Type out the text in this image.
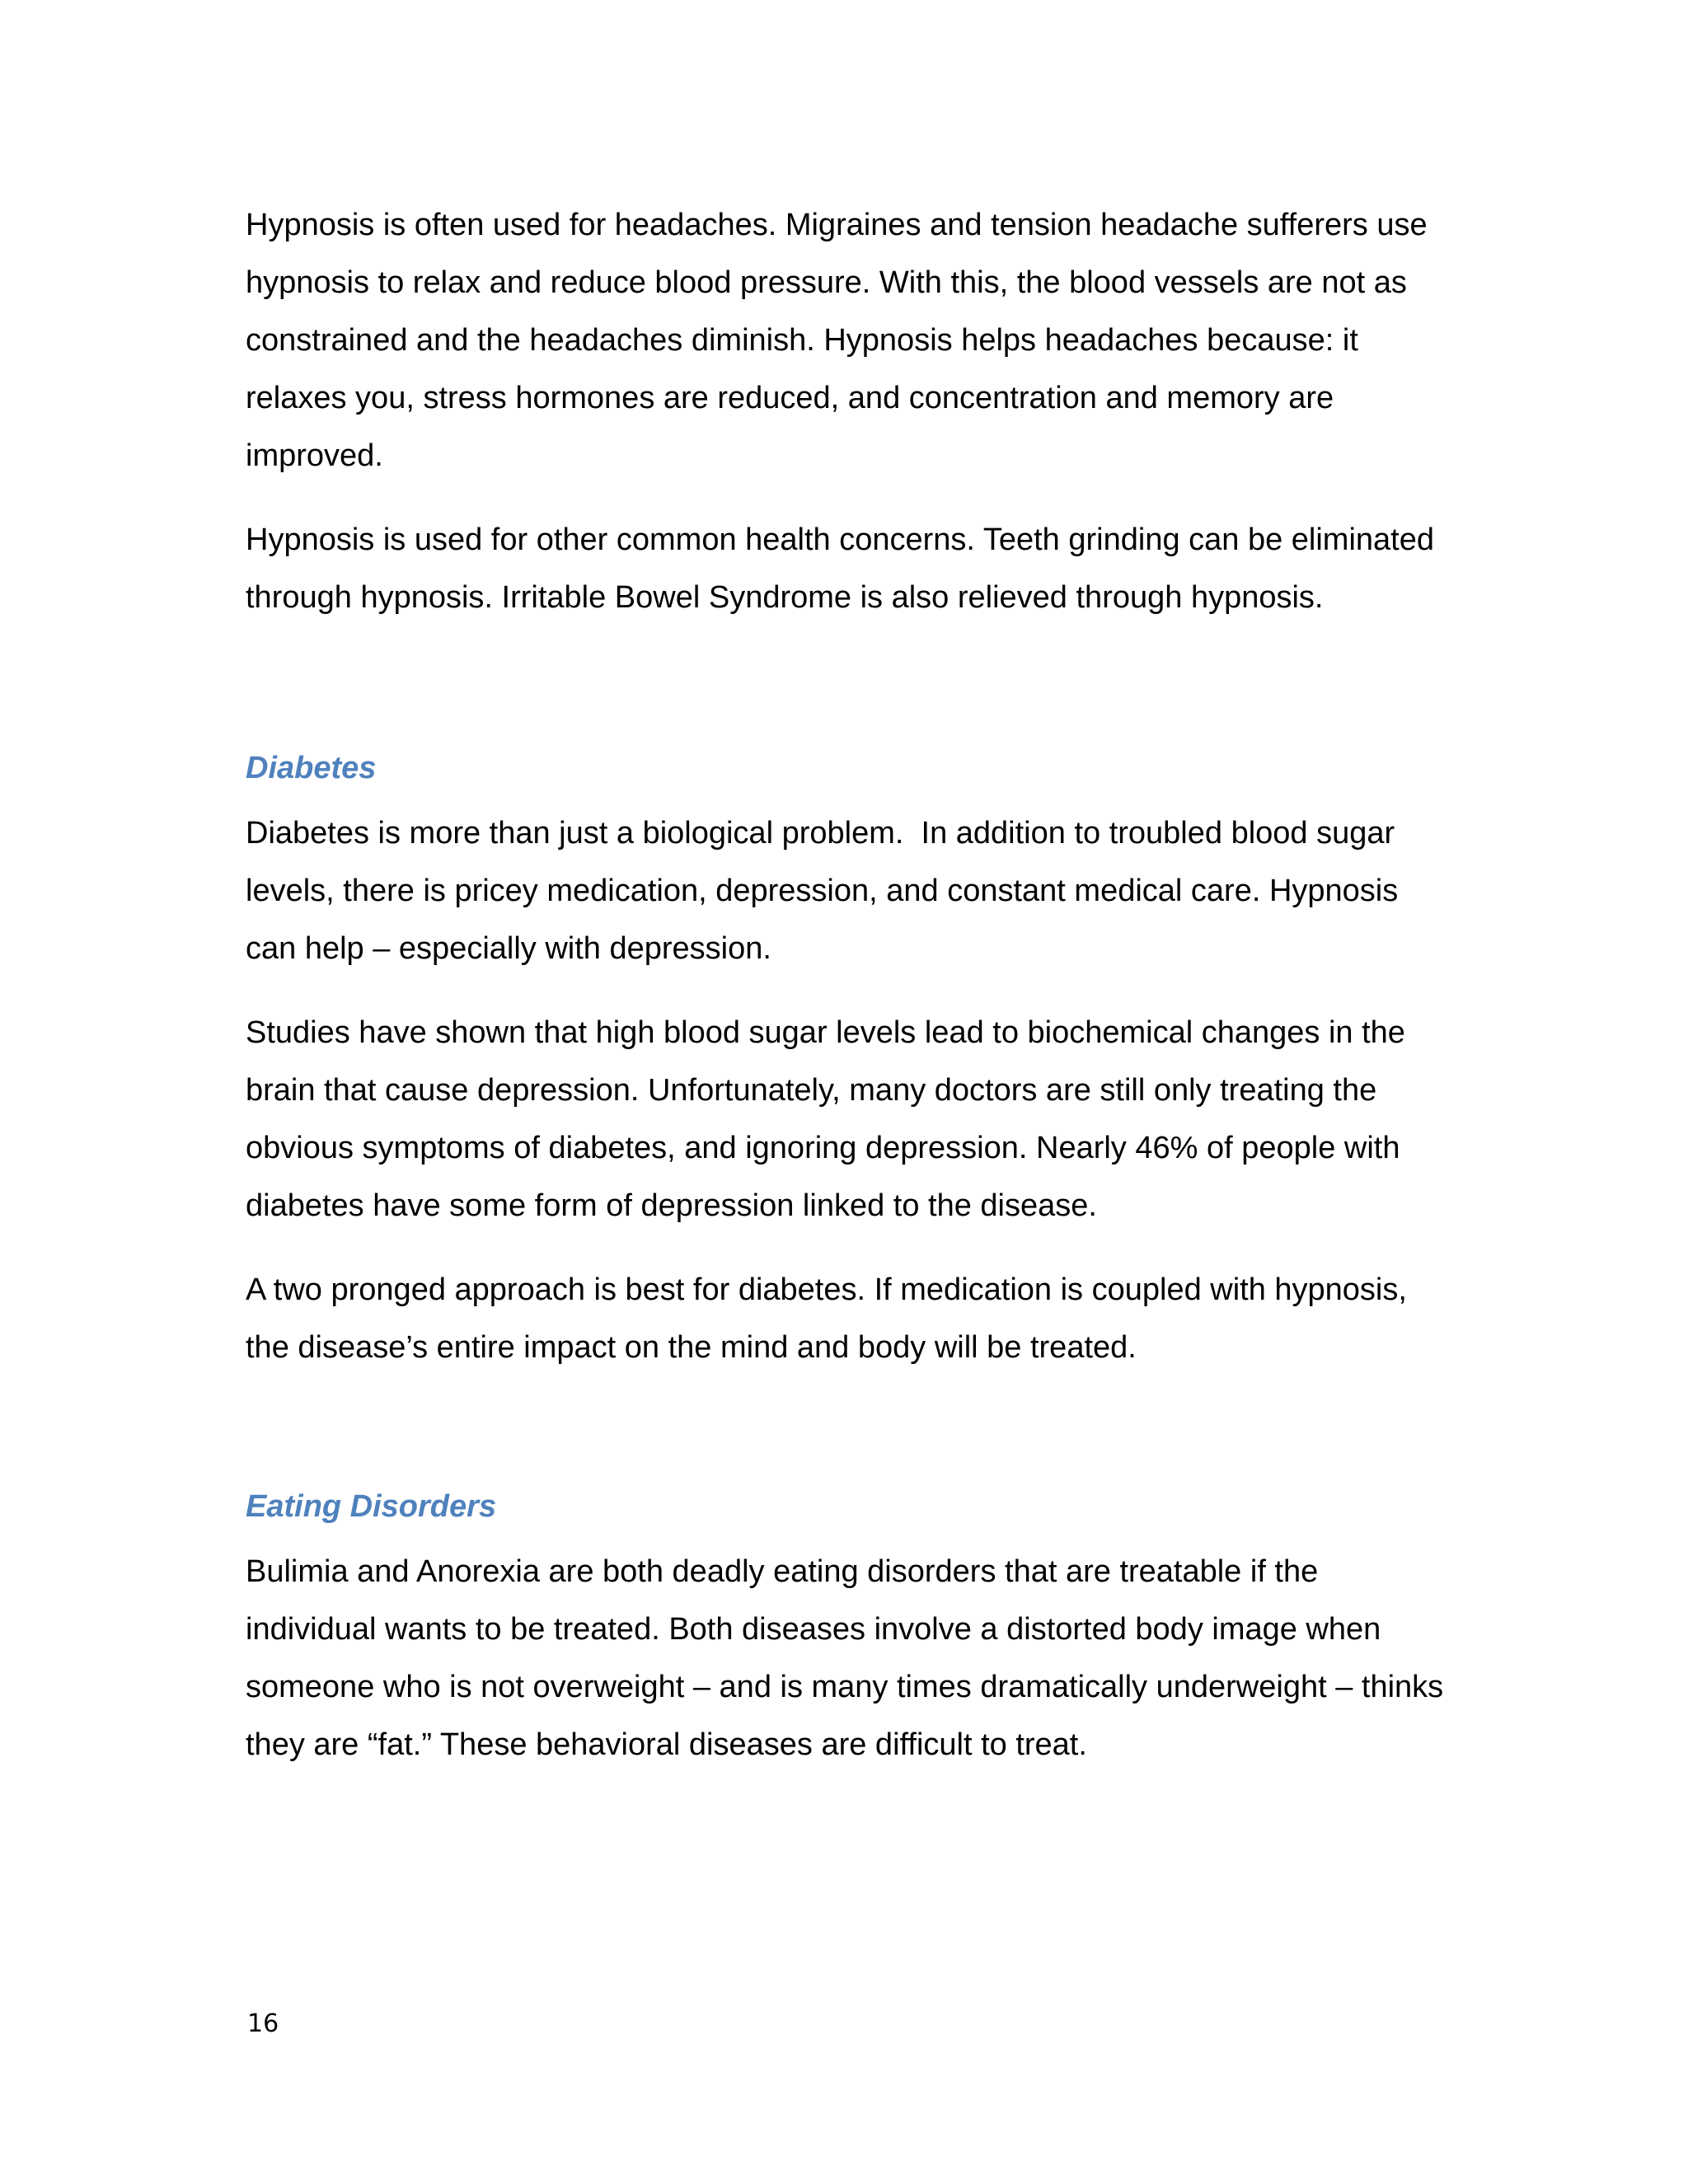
Hypnosis is often used for headaches. Migraines and tension headache sufferers use hypnosis to relax and reduce blood pressure. With this, the blood vessels are not as constrained and the headaches diminish. Hypnosis helps headaches because: it relaxes you, stress hormones are reduced, and concentration and memory are improved.

Hypnosis is used for other common health concerns. Teeth grinding can be eliminated through hypnosis. Irritable Bowel Syndrome is also relieved through hypnosis.

Diabetes

Diabetes is more than just a biological problem.  In addition to troubled blood sugar levels, there is pricey medication, depression, and constant medical care. Hypnosis can help – especially with depression.

Studies have shown that high blood sugar levels lead to biochemical changes in the brain that cause depression. Unfortunately, many doctors are still only treating the obvious symptoms of diabetes, and ignoring depression. Nearly 46% of people with diabetes have some form of depression linked to the disease.

A two pronged approach is best for diabetes. If medication is coupled with hypnosis, the disease’s entire impact on the mind and body will be treated.

Eating Disorders

Bulimia and Anorexia are both deadly eating disorders that are treatable if the individual wants to be treated. Both diseases involve a distorted body image when someone who is not overweight – and is many times dramatically underweight – thinks they are “fat.” These behavioral diseases are difficult to treat.

16
